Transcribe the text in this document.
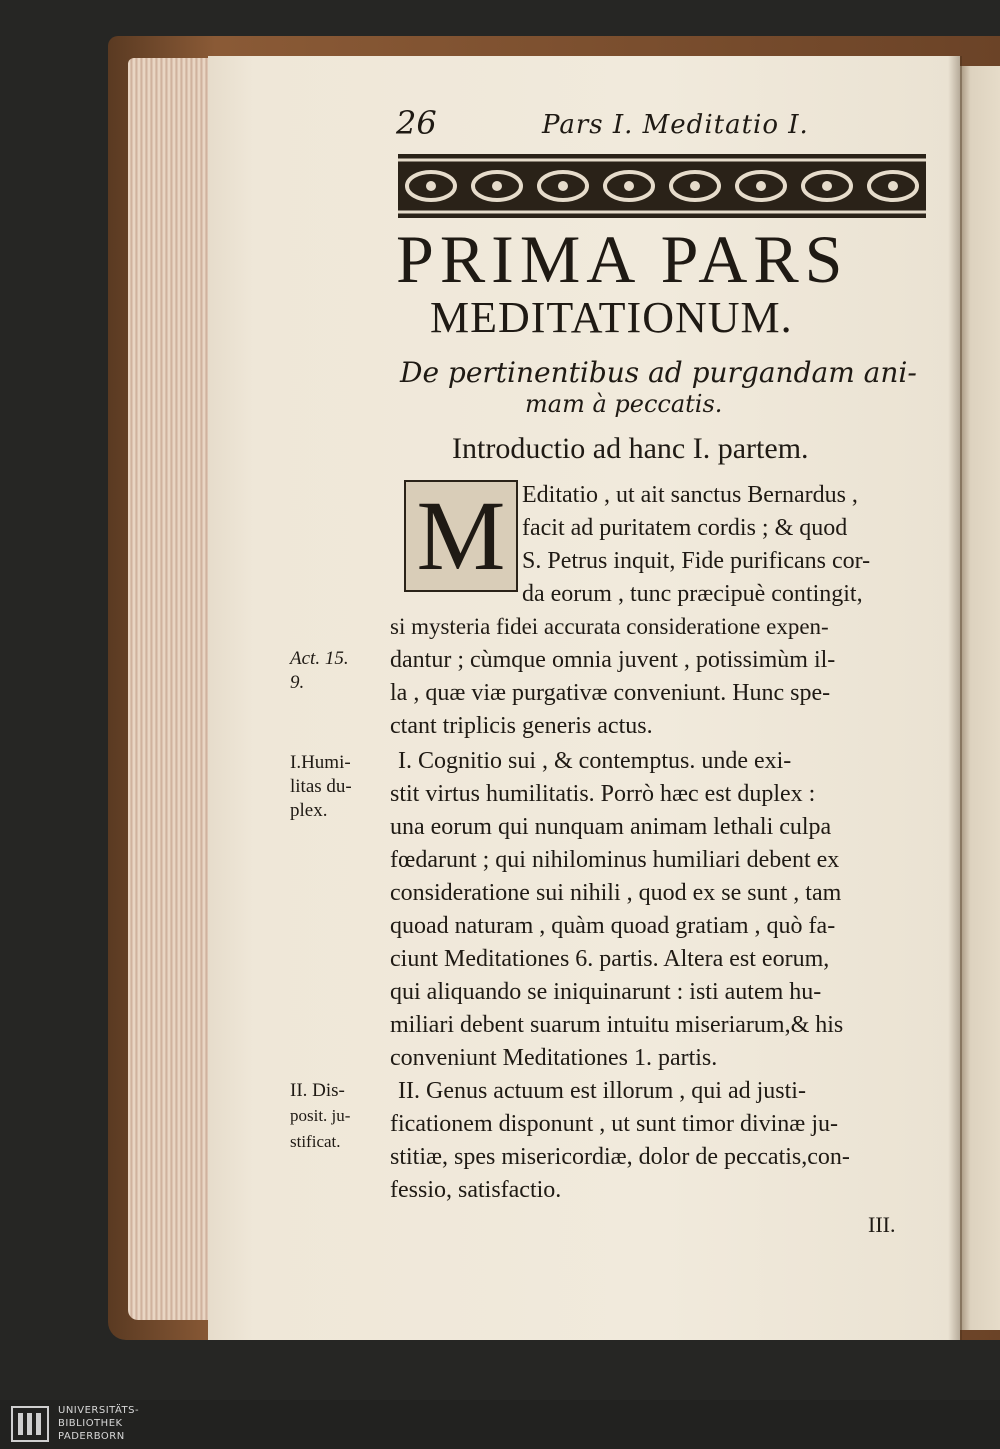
26	Pars I. Meditatio I.
PRIMA PARS
MEDITATIONUM.
De pertinentibus ad purgandam ani-
mam à peccatis.
Introductio ad hanc I. partem.
M Editatio , ut ait sanctus Bernardus ,
facit ad puritatem cordis ; & quod
S. Petrus inquit, Fide purificans cor-
da eorum , tunc præcipuè contingit,
si mysteria fidei accurata consideratione expen-
dantur ; cùmque omnia juvent , potissimùm il-
la , quæ viæ purgativæ conveniunt. Hunc spe-
ctant triplicis generis actus.
I. Cognitio sui , & contemptus. unde exi-
stit virtus humilitatis. Porrò hæc est duplex :
una eorum qui nunquam animam lethali culpa
fœdarunt ; qui nihilominus humiliari debent ex
consideratione sui nihili , quod ex se sunt , tam
quoad naturam , quàm quoad gratiam , quò fa-
ciunt Meditationes 6. partis. Altera est eorum,
qui aliquando se iniquinarunt : isti autem hu-
miliari debent suarum intuitu miseriarum,& his
conveniunt Meditationes 1. partis.
II. Genus actuum est illorum , qui ad justi-
ficationem disponunt , ut sunt timor divinæ ju-
stitiæ, spes misericordiæ, dolor de peccatis,con-
fessio, satisfactio.
III.
Act. 15.
9.
I.Humi-
litas du-
plex.
II. Dis-
posit. ju-
stificat.
UNIVERSITÄTS-
BIBLIOTHEK
PADERBORN
